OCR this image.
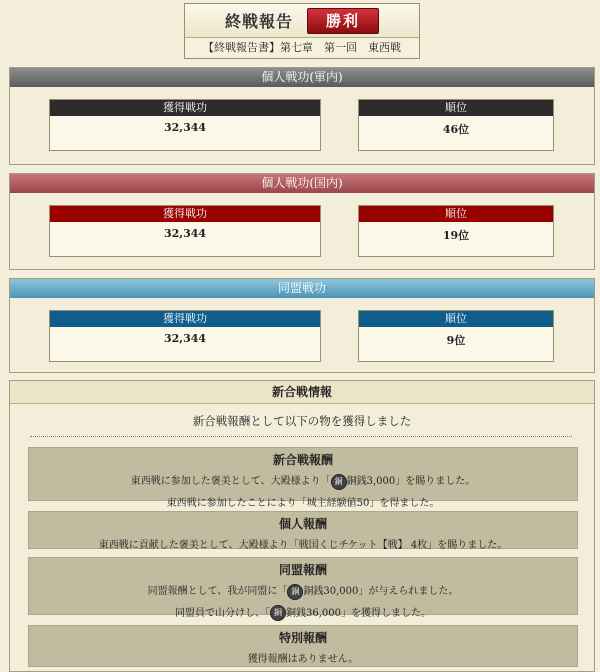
終戦報告	勝利
【終戦報告書】第七章　第一回　東西戦
個人戦功(軍内)
獲得戦功
32,344
順位
46位
個人戦功(国内)
獲得戦功
32,344
順位
19位
同盟戦功
獲得戦功
32,344
順位
9位
新合戦情報
新合戦報酬として以下の物を獲得しました
新合戦報酬
東西戦に参加した褒美として、大殿様より「 銅 銅銭3,000」を賜りました。
東西戦に参加したことにより「城主経験値50」を得ました。
個人報酬
東西戦に貢献した褒美として、大殿様より「戦国くじチケット【戦】 4枚」を賜りました。
同盟報酬
同盟報酬として、我が同盟に「 銅 銅銭30,000」が与えられました。
同盟員で山分けし、「 銅 銅銭36,000」を獲得しました。
特別報酬
獲得報酬はありません。
